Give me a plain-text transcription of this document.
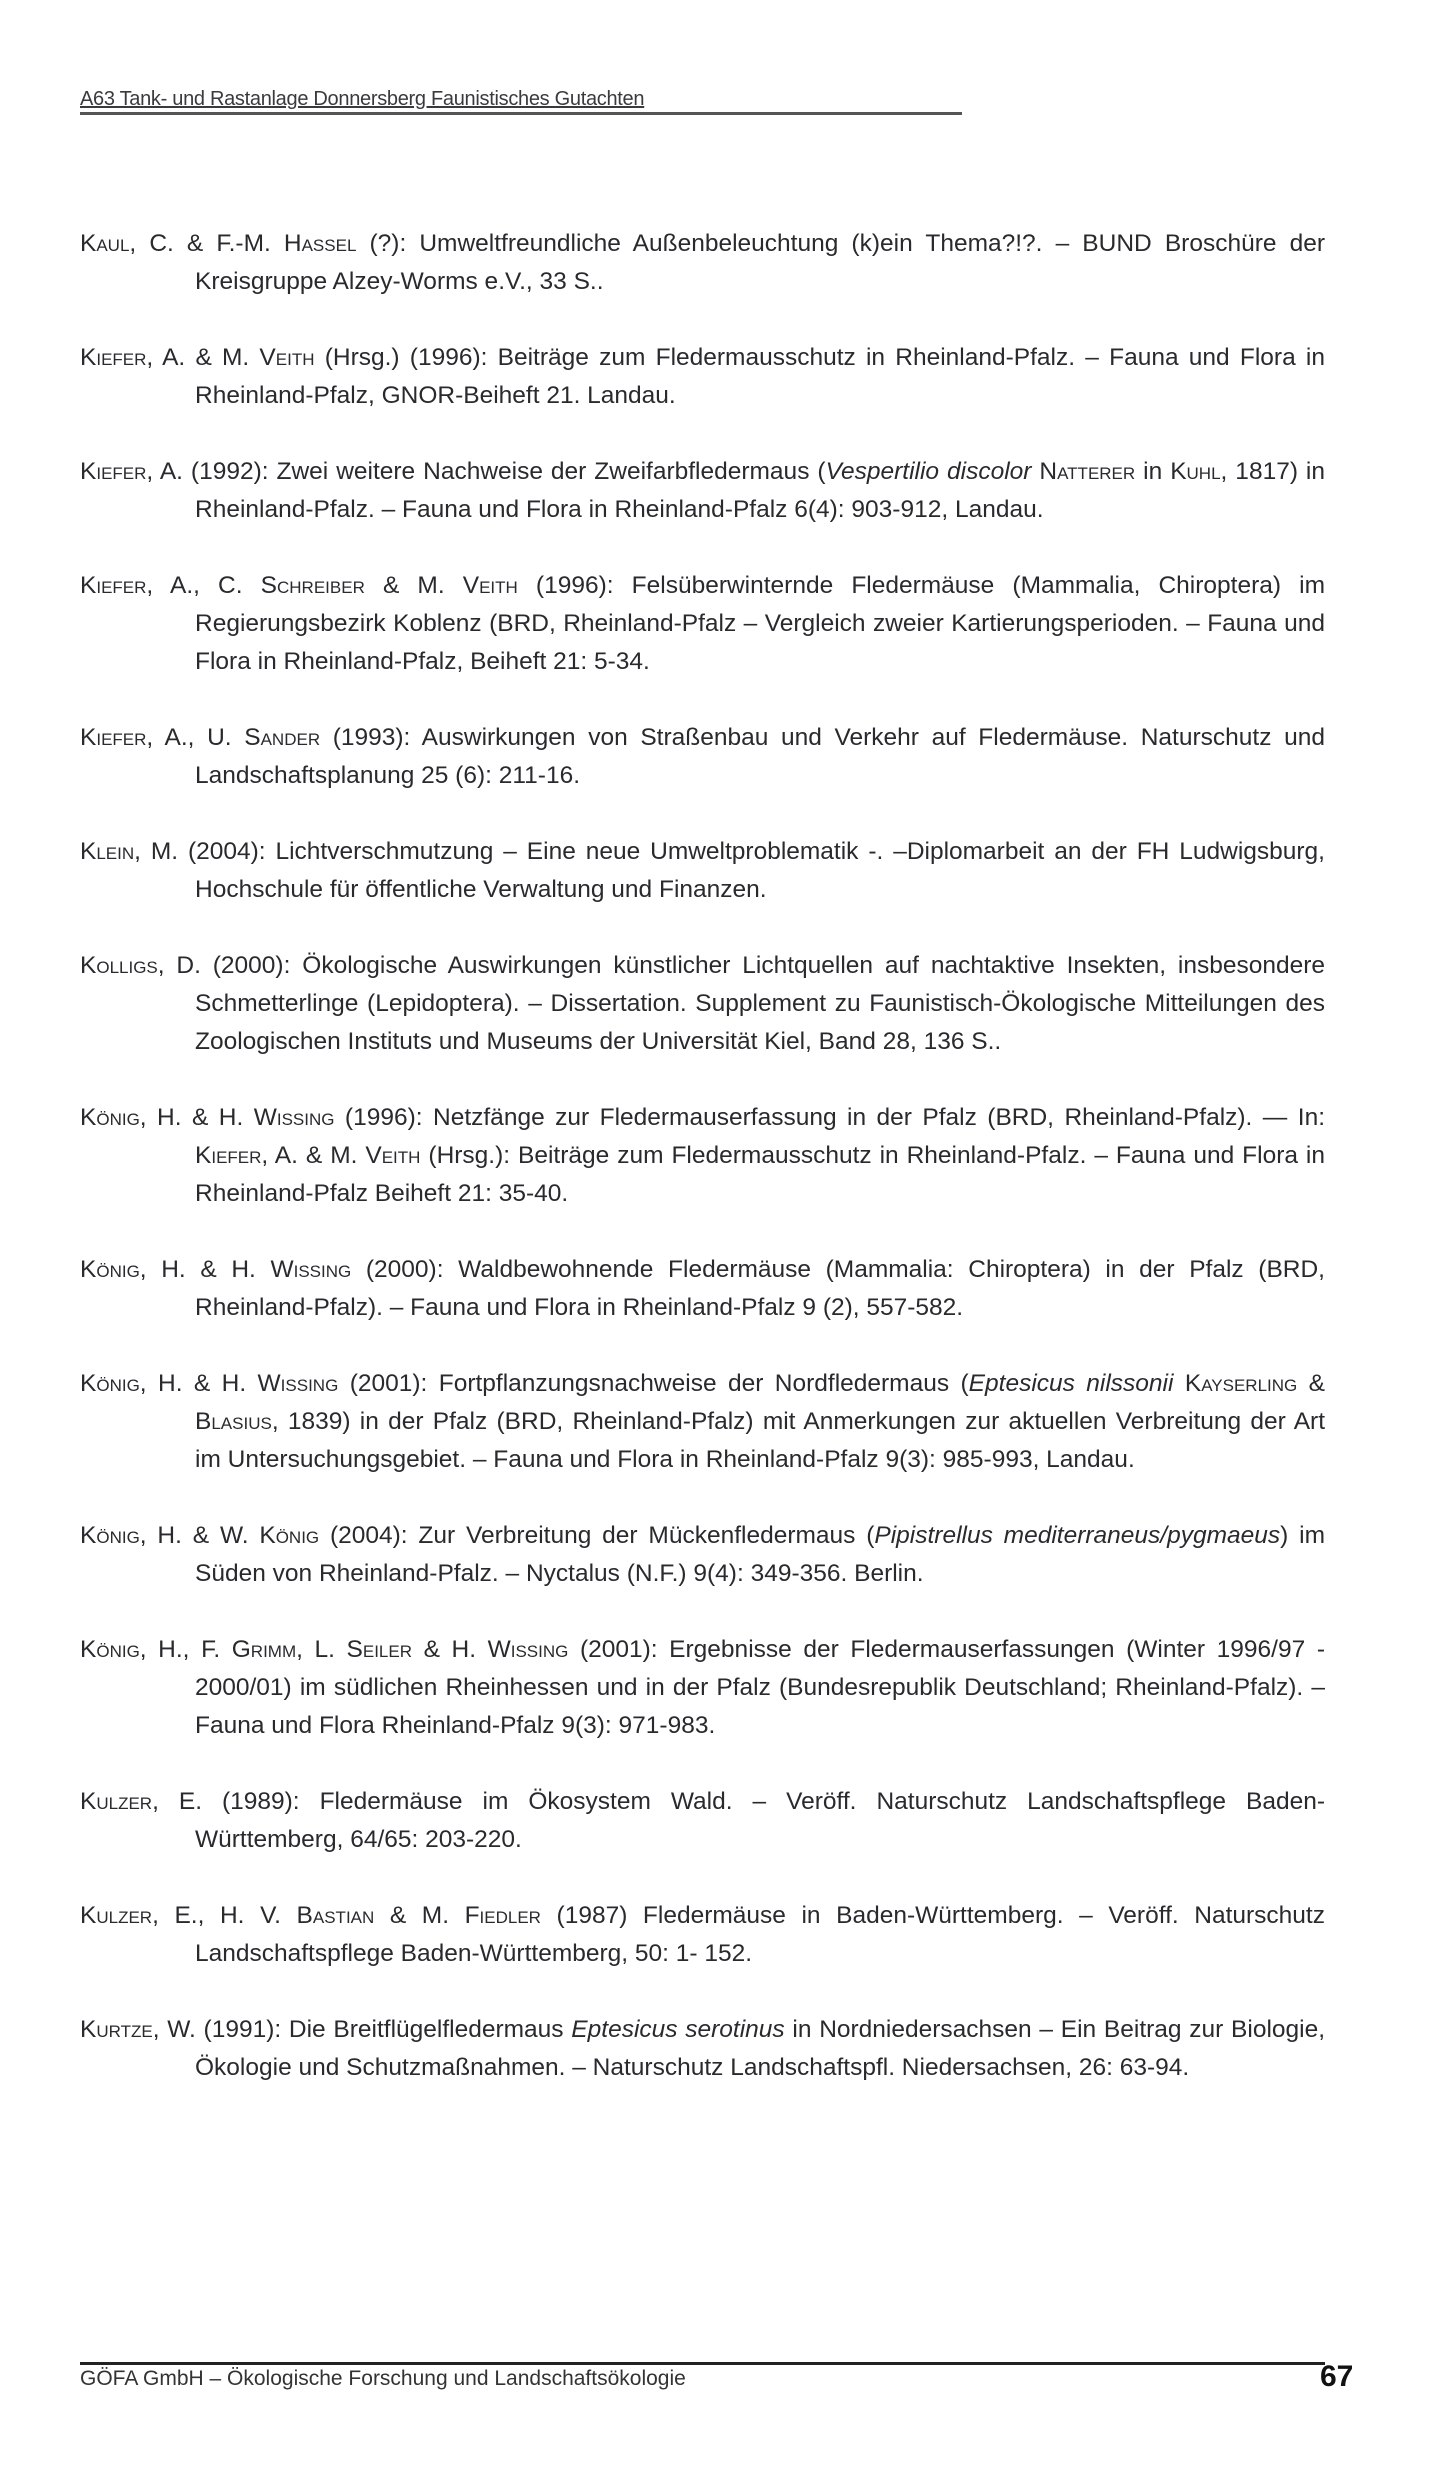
A63 Tank- und Rastanlage Donnersberg Faunistisches Gutachten

Kaul, C. & F.-M. Hassel (?): Umweltfreundliche Außenbeleuchtung (k)ein Thema?!?. – BUND Broschüre der Kreisgruppe Alzey-Worms e.V., 33 S..

Kiefer, A. & M. Veith (Hrsg.) (1996): Beiträge zum Fledermausschutz in Rheinland-Pfalz. – Fauna und Flora in Rheinland-Pfalz, GNOR-Beiheft 21. Landau.

Kiefer, A. (1992): Zwei weitere Nachweise der Zweifarbfledermaus (Vespertilio discolor Natterer in Kuhl, 1817) in Rheinland-Pfalz. – Fauna und Flora in Rheinland-Pfalz 6(4): 903-912, Landau.

Kiefer, A., C. Schreiber & M. Veith (1996): Felsüberwinternde Fledermäuse (Mammalia, Chiroptera) im Regierungsbezirk Koblenz (BRD, Rheinland-Pfalz – Vergleich zweier Kartierungsperioden. – Fauna und Flora in Rheinland-Pfalz, Beiheft 21: 5-34.

Kiefer, A., U. Sander (1993): Auswirkungen von Straßenbau und Verkehr auf Fledermäuse. Naturschutz und Landschaftsplanung 25 (6): 211-16.

Klein, M. (2004): Lichtverschmutzung – Eine neue Umweltproblematik -. –Diplomarbeit an der FH Ludwigsburg, Hochschule für öffentliche Verwaltung und Finanzen.

Kolligs, D. (2000): Ökologische Auswirkungen künstlicher Lichtquellen auf nachtaktive Insekten, insbesondere Schmetterlinge (Lepidoptera). – Dissertation. Supplement zu Faunistisch-Ökologische Mitteilungen des Zoologischen Instituts und Museums der Universität Kiel, Band 28, 136 S..

König, H. & H. Wissing (1996): Netzfänge zur Fledermauserfassung in der Pfalz (BRD, Rheinland-Pfalz). — In: Kiefer, A. & M. Veith (Hrsg.): Beiträge zum Fledermausschutz in Rheinland-Pfalz. – Fauna und Flora in Rheinland-Pfalz Beiheft 21: 35-40.

König, H. & H. Wissing (2000): Waldbewohnende Fledermäuse (Mammalia: Chiroptera) in der Pfalz (BRD, Rheinland-Pfalz). – Fauna und Flora in Rheinland-Pfalz 9 (2), 557-582.

König, H. & H. Wissing (2001): Fortpflanzungsnachweise der Nordfledermaus (Eptesicus nilssonii Kayserling & Blasius, 1839) in der Pfalz (BRD, Rheinland-Pfalz) mit Anmerkungen zur aktuellen Verbreitung der Art im Untersuchungsgebiet. – Fauna und Flora in Rheinland-Pfalz 9(3): 985-993, Landau.

König, H. & W. König (2004): Zur Verbreitung der Mückenfledermaus (Pipistrellus mediterraneus/pygmaeus) im Süden von Rheinland-Pfalz. – Nyctalus (N.F.) 9(4): 349-356. Berlin.

König, H., F. Grimm, L. Seiler & H. Wissing (2001): Ergebnisse der Fledermauserfassungen (Winter 1996/97 - 2000/01) im südlichen Rheinhessen und in der Pfalz (Bundesrepublik Deutschland; Rheinland-Pfalz). – Fauna und Flora Rheinland-Pfalz 9(3): 971-983.

Kulzer, E. (1989): Fledermäuse im Ökosystem Wald. – Veröff. Naturschutz Landschaftspflege Baden-Württemberg, 64/65: 203-220.

Kulzer, E., H. V. Bastian & M. Fiedler (1987) Fledermäuse in Baden-Württemberg. – Veröff. Naturschutz Landschaftspflege Baden-Württemberg, 50: 1- 152.

Kurtze, W. (1991): Die Breitflügelfledermaus Eptesicus serotinus in Nordniedersachsen – Ein Beitrag zur Biologie, Ökologie und Schutzmaßnahmen. – Naturschutz Landschaftspfl. Niedersachsen, 26: 63-94.

GÖFA GmbH – Ökologische Forschung und Landschaftsökologie	67
